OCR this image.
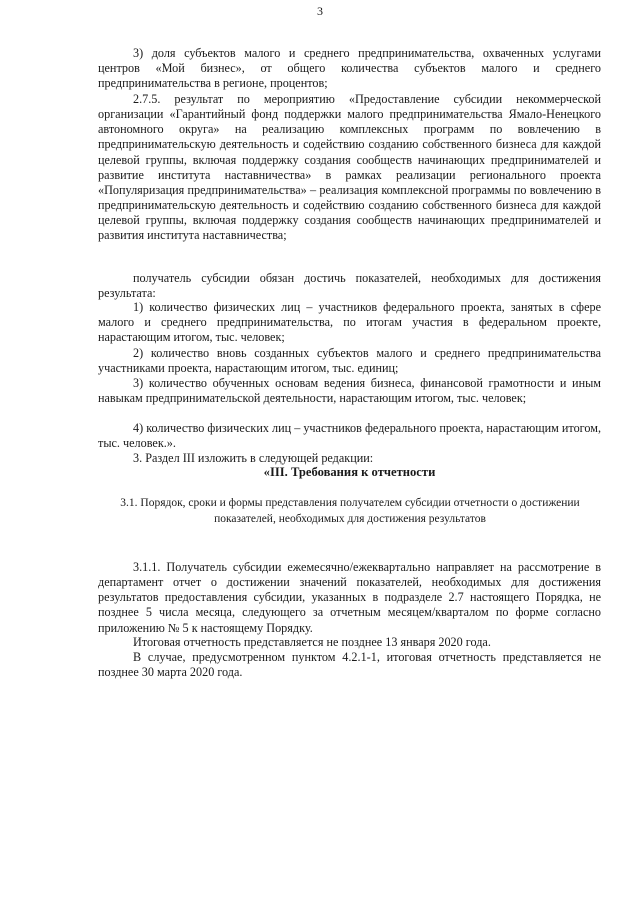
3

3) доля субъектов малого и среднего предпринимательства, охваченных услугами центров «Мой бизнес», от общего количества субъектов малого и среднего предпринимательства в регионе, процентов;

2.7.5. результат по мероприятию «Предоставление субсидии некоммерческой организации «Гарантийный фонд поддержки малого предпринимательства Ямало-Ненецкого автономного округа» на реализацию комплексных программ по вовлечению в предпринимательскую деятельность и содействию созданию собственного бизнеса для каждой целевой группы, включая поддержку создания сообществ начинающих предпринимателей и развитие института наставничества» в рамках реализации регионального проекта «Популяризация предпринимательства» – реализация комплексной программы по вовлечению в предпринимательскую деятельность и содействию созданию собственного бизнеса для каждой целевой группы, включая поддержку создания сообществ начинающих предпринимателей и развития института наставничества;

получатель субсидии обязан достичь показателей, необходимых для достижения результата:

1) количество физических лиц – участников федерального проекта, занятых в сфере малого и среднего предпринимательства, по итогам участия в федеральном проекте, нарастающим итогом, тыс. человек;

2) количество вновь созданных субъектов малого и среднего предпринимательства участниками проекта, нарастающим итогом, тыс. единиц;

3) количество обученных основам ведения бизнеса, финансовой грамотности и иным навыкам предпринимательской деятельности, нарастающим итогом, тыс. человек;

4) количество физических лиц – участников федерального проекта, нарастающим итогом, тыс. человек.».

3. Раздел III изложить в следующей редакции:

«III. Требования к отчетности
3.1. Порядок, сроки и формы представления получателем субсидии отчетности о достижении показателей, необходимых для достижения результатов

3.1.1. Получатель субсидии ежемесячно/ежеквартально направляет на рассмотрение в департамент отчет о достижении значений показателей, необходимых для достижения результатов предоставления субсидии, указанных в подразделе 2.7 настоящего Порядка, не позднее 5 числа месяца, следующего за отчетным месяцем/кварталом по форме согласно приложению № 5 к настоящему Порядку.

Итоговая отчетность представляется не позднее 13 января 2020 года.

В случае, предусмотренном пунктом 4.2.1-1, итоговая отчетность представляется не позднее 30 марта 2020 года.
